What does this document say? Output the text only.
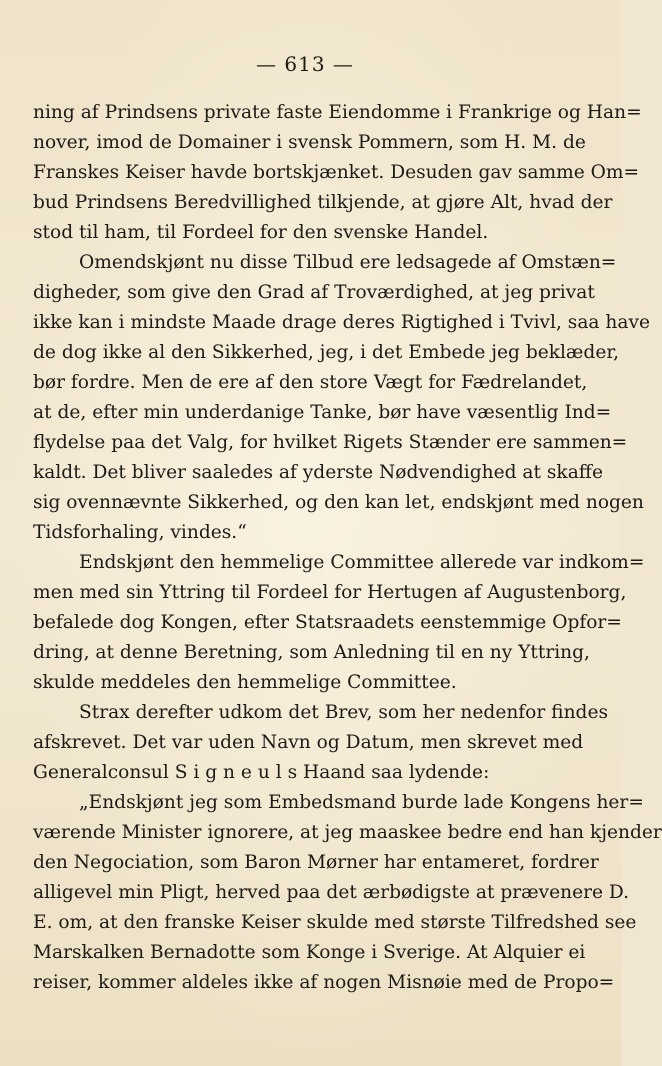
— 613 —
ning af Prindsens private faste Eiendomme i Frankrige og Han=
nover, imod de Domainer i svensk Pommern, som H. M. de
Franskes Keiser havde bortskjænket. Desuden gav samme Om=
bud Prindsens Beredvillighed tilkjende, at gjøre Alt, hvad der
stod til ham, til Fordeel for den svenske Handel.
Omendskjønt nu disse Tilbud ere ledsagede af Omstæn=
digheder, som give den Grad af Troværdighed, at jeg privat
ikke kan i mindste Maade drage deres Rigtighed i Tvivl, saa have
de dog ikke al den Sikkerhed, jeg, i det Embede jeg beklæder,
bør fordre. Men de ere af den store Vægt for Fædrelandet,
at de, efter min underdanige Tanke, bør have væsentlig Ind=
flydelse paa det Valg, for hvilket Rigets Stænder ere sammen=
kaldt. Det bliver saaledes af yderste Nødvendighed at skaffe
sig ovennævnte Sikkerhed, og den kan let, endskjønt med nogen
Tidsforhaling, vindes.“
Endskjønt den hemmelige Committee allerede var indkom=
men med sin Yttring til Fordeel for Hertugen af Augustenborg,
befalede dog Kongen, efter Statsraadets eenstemmige Opfor=
dring, at denne Beretning, som Anledning til en ny Yttring,
skulde meddeles den hemmelige Committee.
Strax derefter udkom det Brev, som her nedenfor findes
afskrevet. Det var uden Navn og Datum, men skrevet med
Generalconsul S i g n e u l s Haand saa lydende:
„Endskjønt jeg som Embedsmand burde lade Kongens her=
værende Minister ignorere, at jeg maaskee bedre end han kjender
den Negociation, som Baron Mørner har entameret, fordrer
alligevel min Pligt, herved paa det ærbødigste at prævenere D.
E. om, at den franske Keiser skulde med største Tilfredshed see
Marskalken Bernadotte som Konge i Sverige. At Alquier ei
reiser, kommer aldeles ikke af nogen Misnøie med de Propo=
